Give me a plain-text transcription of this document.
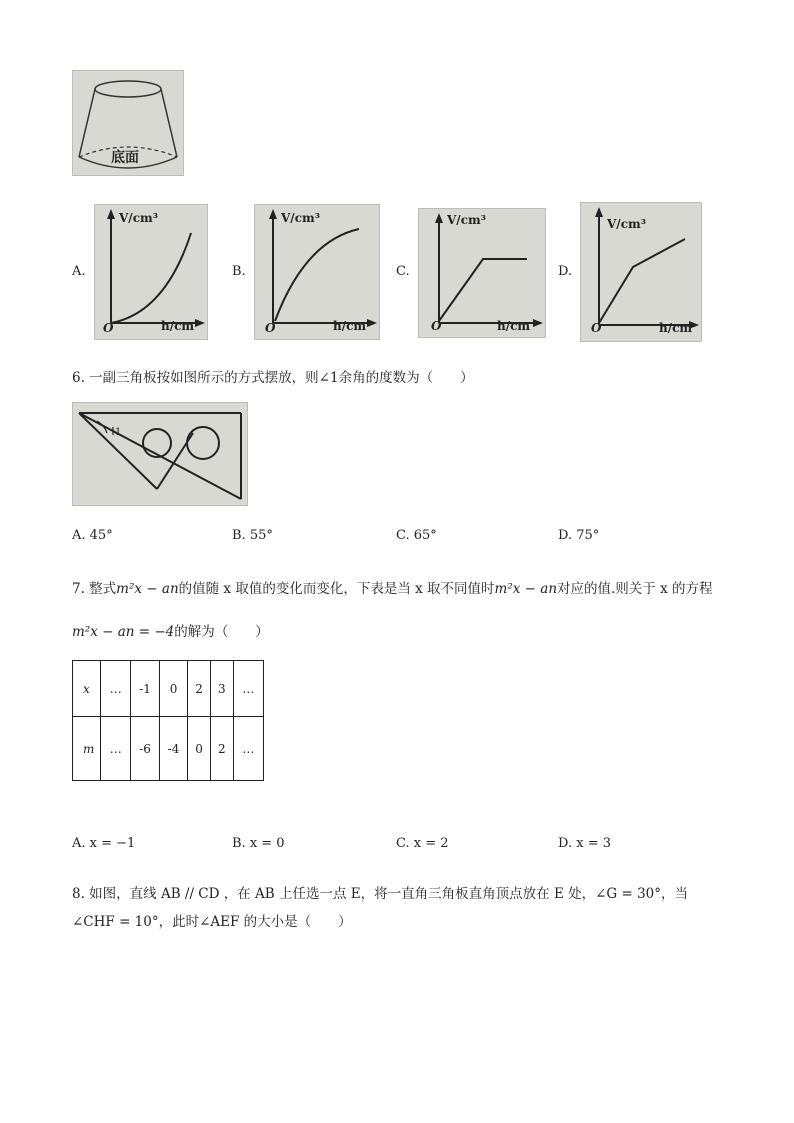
底面
A.
V/cm³
h/cm
O
B.
V/cm³
h/cm
O
C.
V/cm³
h/cm
O
D.
V/cm³
h/cm
O
6. 一副三角板按如图所示的方式摆放，则∠1余角的度数为（　　）
1
A. 45°	B. 55°	C. 65°	D. 75°
7. 整式m²x − an的值随 x 取值的变化而变化，下表是当 x 取不同值时m²x − an对应的值.则关于 x 的方程
m²x − an = −4的解为（　　）
x	…	-1	0	2	3	…
m	…	-6	-4	0	2	…
A. x = −1	B. x = 0	C. x = 2	D. x = 3
8. 如图，直线 AB // CD ，在 AB 上任选一点 E，将一直角三角板直角顶点放在 E 处，∠G = 30°，当
∠CHF = 10°，此时∠AEF 的大小是（　　）
